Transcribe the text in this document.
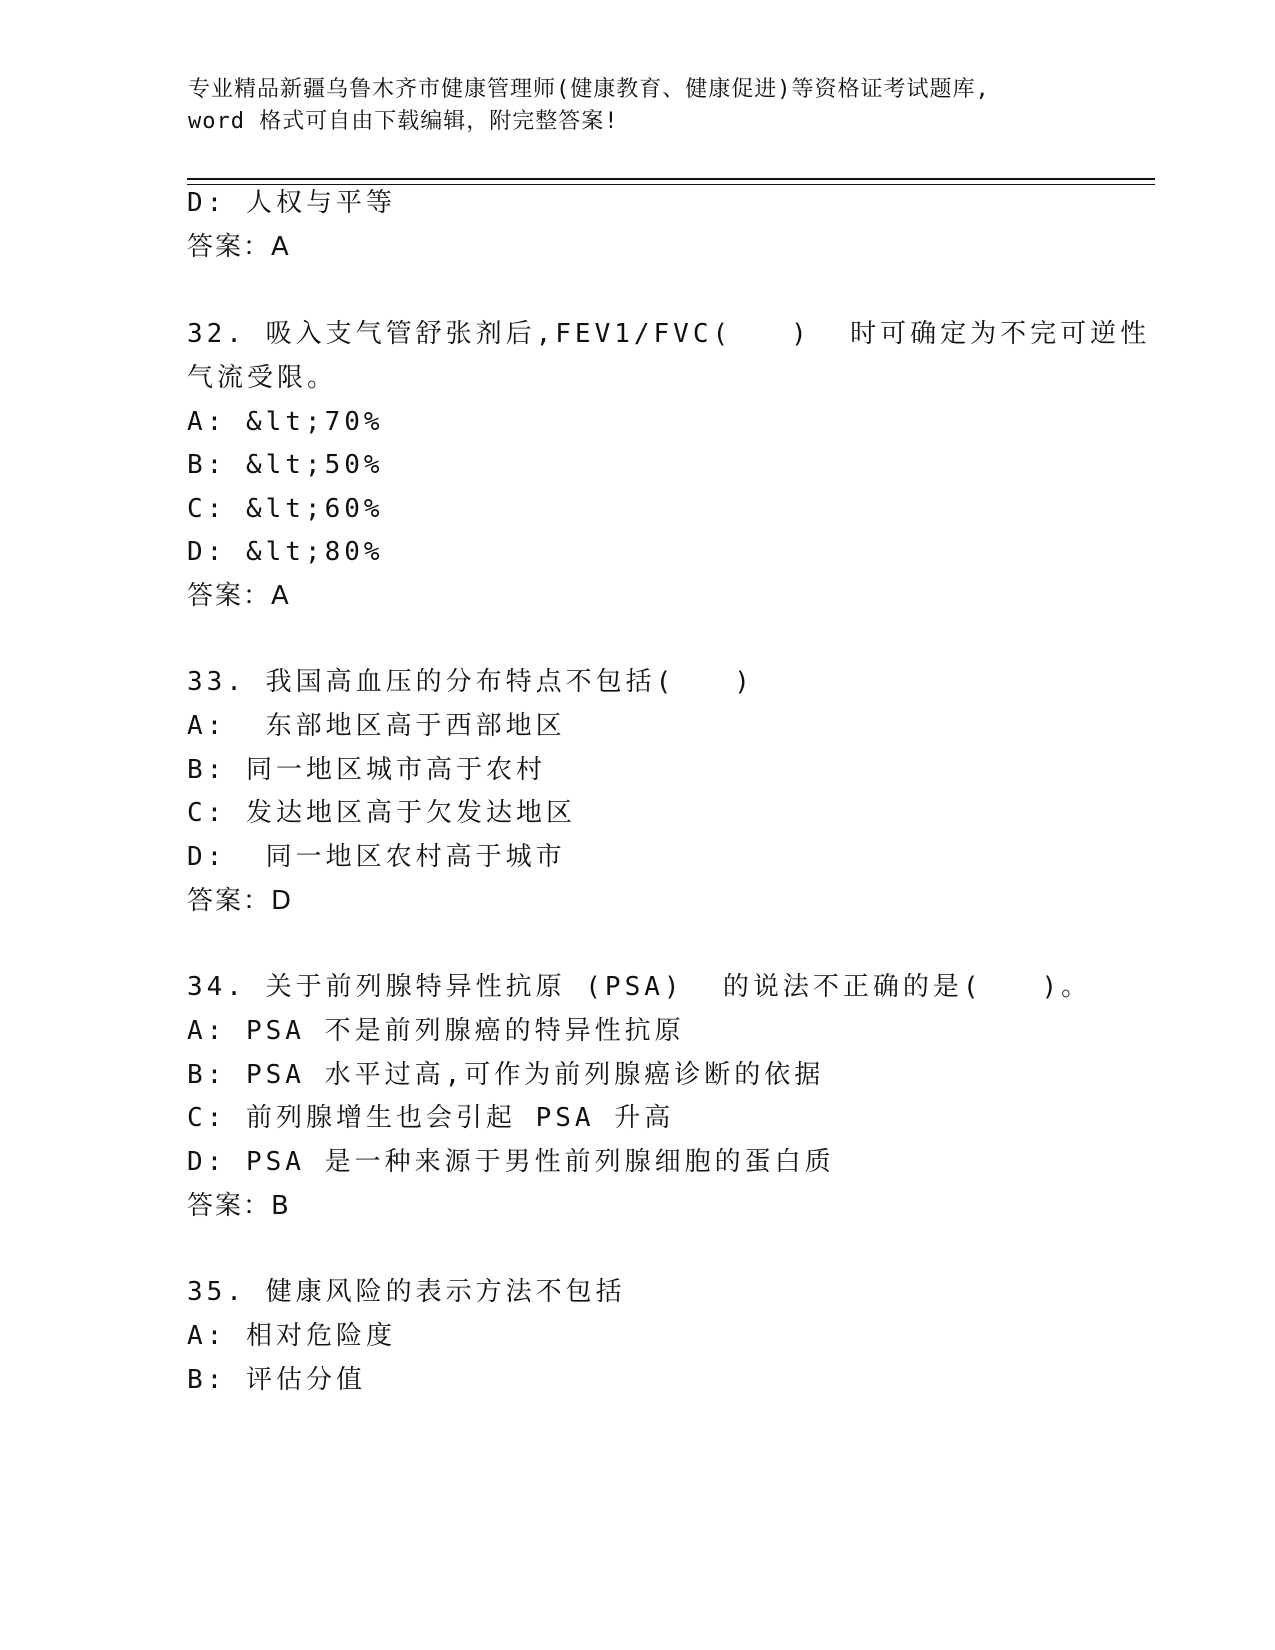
专业精品新疆乌鲁木齐市健康管理师(健康教育、健康促进)等资格证考试题库,
word 格式可自由下载编辑，附完整答案!
D: 人权与平等
答案：A
32. 吸入支气管舒张剂后,FEV1/FVC(   )  时可确定为不完可逆性
气流受限。
A: &lt;70%
B: &lt;50%
C: &lt;60%
D: &lt;80%
答案：A
33. 我国高血压的分布特点不包括(   )
A:  东部地区高于西部地区
B: 同一地区城市高于农村
C: 发达地区高于欠发达地区
D:  同一地区农村高于城市
答案：D
34. 关于前列腺特异性抗原 (PSA)  的说法不正确的是(   )。
A: PSA 不是前列腺癌的特异性抗原
B: PSA 水平过高,可作为前列腺癌诊断的依据
C: 前列腺增生也会引起 PSA 升高
D: PSA 是一种来源于男性前列腺细胞的蛋白质
答案：B
35. 健康风险的表示方法不包括
A: 相对危险度
B: 评估分值
